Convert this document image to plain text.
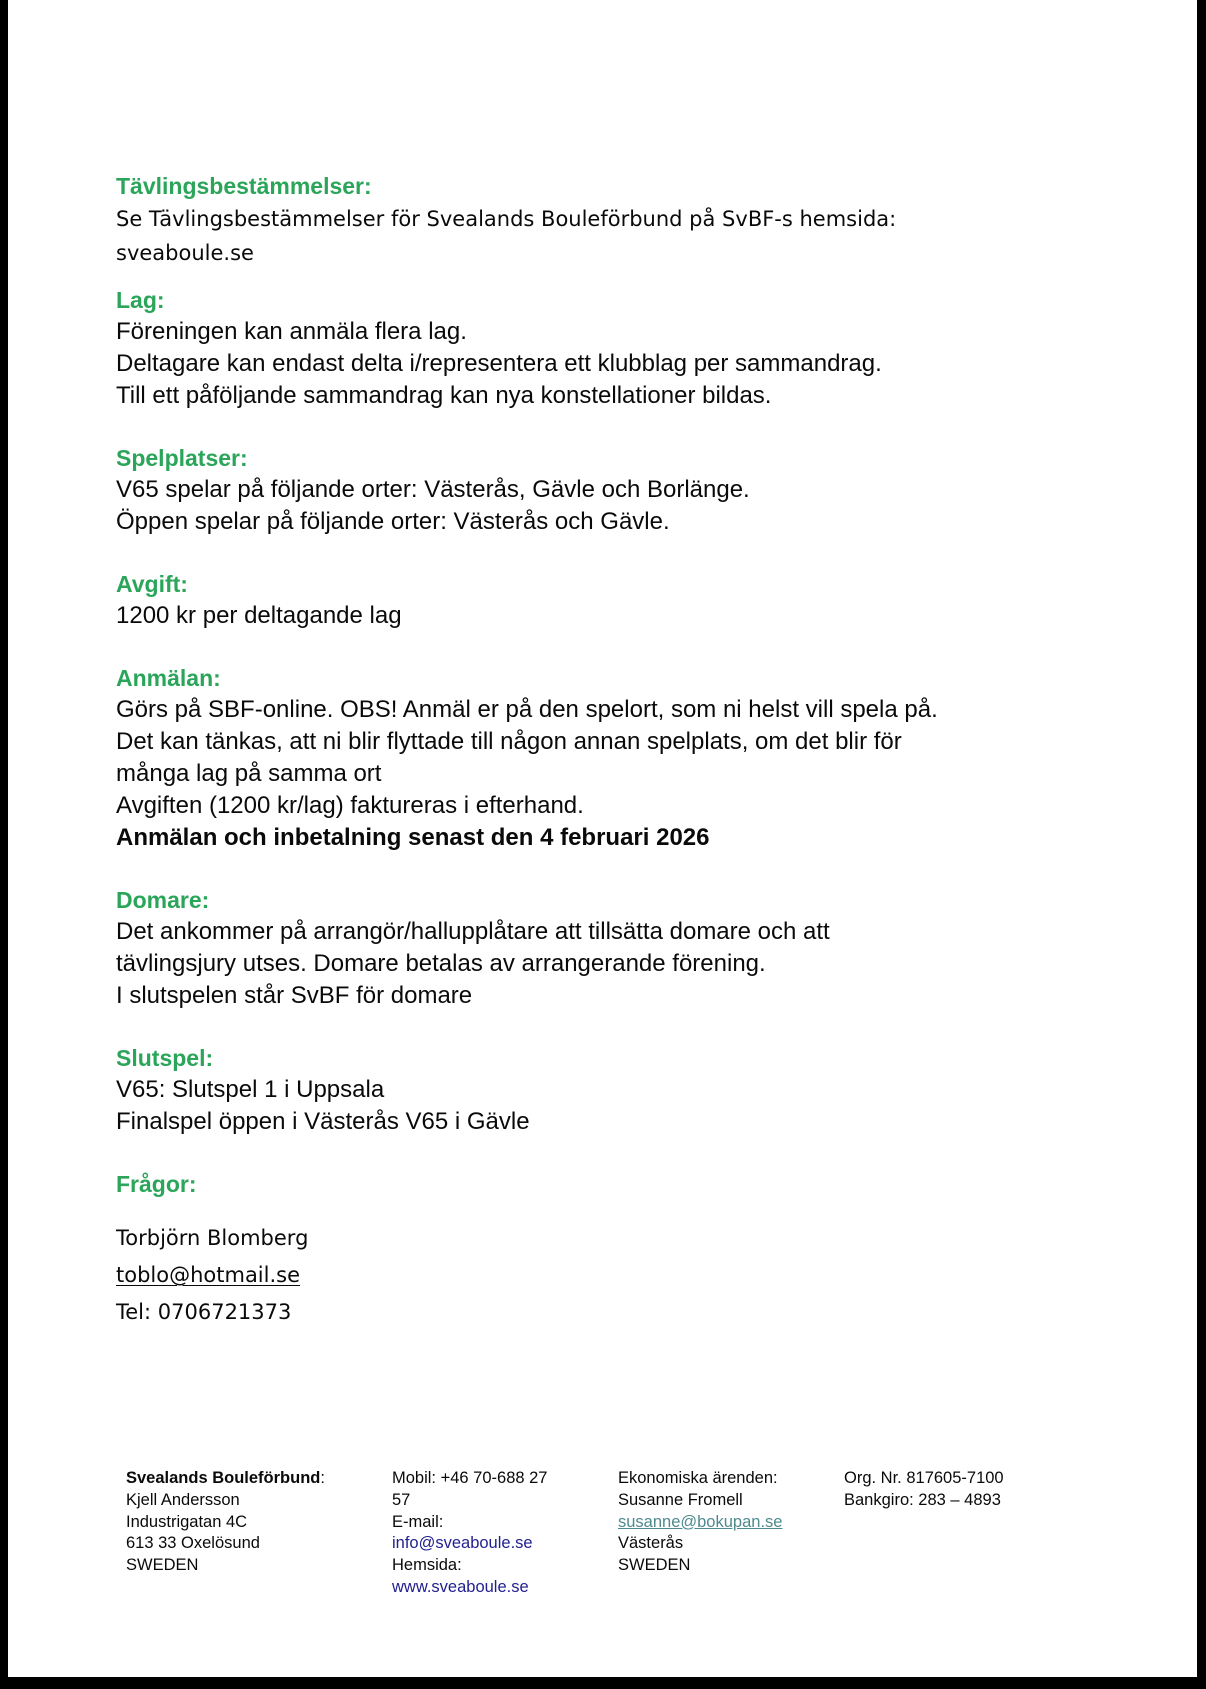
Tävlingsbestämmelser:

Se Tävlingsbestämmelser för Svealands Bouleförbund på SvBF-s hemsida:

sveaboule.se

Lag:

Föreningen kan anmäla flera lag.

Deltagare kan endast delta i/representera ett klubblag per sammandrag.

Till ett påföljande sammandrag kan nya konstellationer bildas.

Spelplatser:

V65 spelar på följande orter: Västerås, Gävle och Borlänge.

Öppen spelar på följande orter: Västerås och Gävle.

Avgift:

1200 kr per deltagande lag

Anmälan:

Görs på SBF-online. OBS! Anmäl er på den spelort, som ni helst vill spela på.

Det kan tänkas, att ni blir flyttade till någon annan spelplats, om det blir för

många lag på samma ort

Avgiften (1200 kr/lag) faktureras i efterhand.

Anmälan och inbetalning senast den 4 februari 2026

Domare:

Det ankommer på arrangör/hallupplåtare att tillsätta domare och att

tävlingsjury utses. Domare betalas av arrangerande förening.

I slutspelen står SvBF för domare

Slutspel:

V65: Slutspel 1 i Uppsala

Finalspel öppen i Västerås V65 i Gävle

Frågor:

Torbjörn Blomberg

toblo@hotmail.se

Tel: 0706721373

Svealands Bouleförbund:
Kjell Andersson
Industrigatan 4C
613 33 Oxelösund
SWEDEN
Mobil: +46 70-688 27
57
E-mail:
info@sveaboule.se
Hemsida:
www.sveaboule.se
Ekonomiska ärenden:
Susanne Fromell
susanne@bokupan.se
Västerås
SWEDEN
Org. Nr. 817605-7100
Bankgiro: 283 – 4893
